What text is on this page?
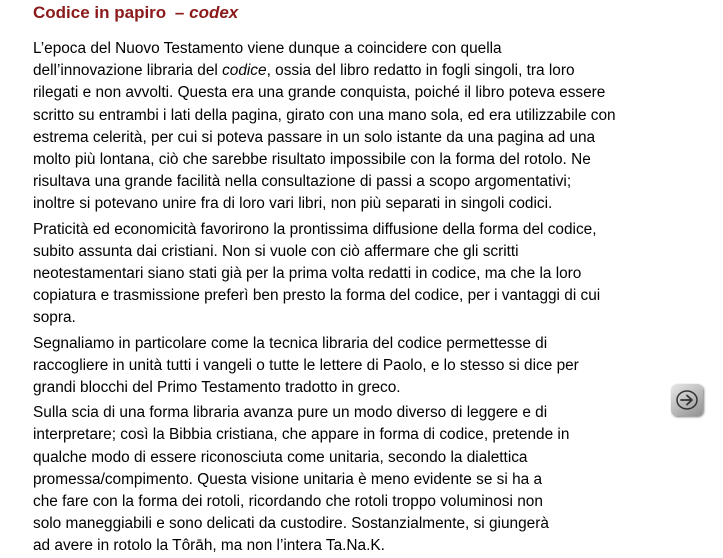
Codice in papiro – codex
L’epoca del Nuovo Testamento viene dunque a coincidere con quella
dell’innovazione libraria del codice, ossia del libro redatto in fogli singoli, tra loro
rilegati e non avvolti. Questa era una grande conquista, poiché il libro poteva essere
scritto su entrambi i lati della pagina, girato con una mano sola, ed era utilizzabile con
estrema celerità, per cui si poteva passare in un solo istante da una pagina ad una
molto più lontana, ciò che sarebbe risultato impossibile con la forma del rotolo. Ne
risultava una grande facilità nella consultazione di passi a scopo argomentativi;
inoltre si potevano unire fra di loro vari libri, non più separati in singoli codici.
Praticità ed economicità favorirono la prontissima diffusione della forma del codice,
subito assunta dai cristiani. Non si vuole con ciò affermare che gli scritti
neotestamentari siano stati già per la prima volta redatti in codice, ma che la loro
copiatura e trasmissione preferì ben presto la forma del codice, per i vantaggi di cui
sopra.
Segnaliamo in particolare come la tecnica libraria del codice permettesse di
raccogliere in unità tutti i vangeli o tutte le lettere di Paolo, e lo stesso si dice per
grandi blocchi del Primo Testamento tradotto in greco.
Sulla scia di una forma libraria avanza pure un modo diverso di leggere e di
interpretare; così la Bibbia cristiana, che appare in forma di codice, pretende in
qualche modo di essere riconosciuta come unitaria, secondo la dialettica
promessa/compimento. Questa visione unitaria è meno evidente se si ha a
che fare con la forma dei rotoli, ricordando che rotoli troppo voluminosi non
solo maneggiabili e sono delicati da custodire. Sostanzialmente, si giungerà
ad avere in rotolo la Tôrāh, ma non l’intera Ta.Na.K.
